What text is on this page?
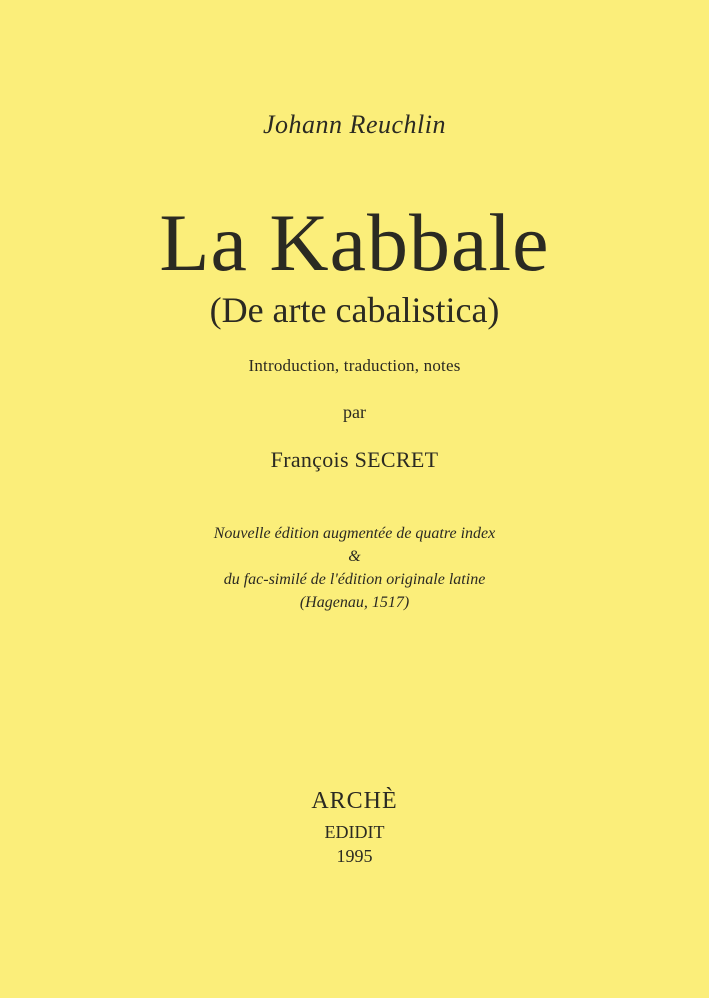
Johann Reuchlin
La Kabbale
(De arte cabalistica)
Introduction, traduction, notes
par
François SECRET
Nouvelle édition augmentée de quatre index
&
du fac-similé de l'édition originale latine
(Hagenau, 1517)
ARCHÈ
EDIDIT
1995
